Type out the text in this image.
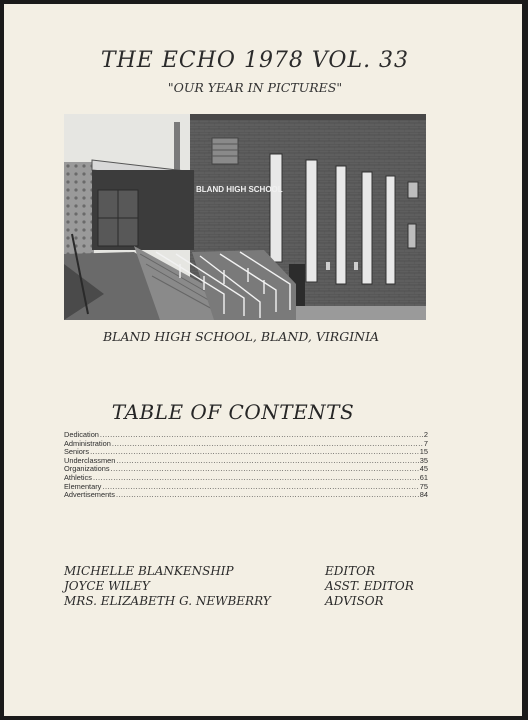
THE ECHO 1978 VOL. 33
"OUR YEAR IN PICTURES"
BLAND HIGH SCHOOL
BLAND HIGH SCHOOL, BLAND, VIRGINIA
TABLE OF CONTENTS
Dedication .....	2
Administration .....	7
Seniors .....	15
Underclassmen .....	35
Organizations .....	45
Athletics .....	61
Elementary .....	75
Advertisements .....	84
MICHELLE BLANKENSHIP	EDITOR
JOYCE WILEY	ASST. EDITOR
MRS. ELIZABETH G. NEWBERRY	ADVISOR
